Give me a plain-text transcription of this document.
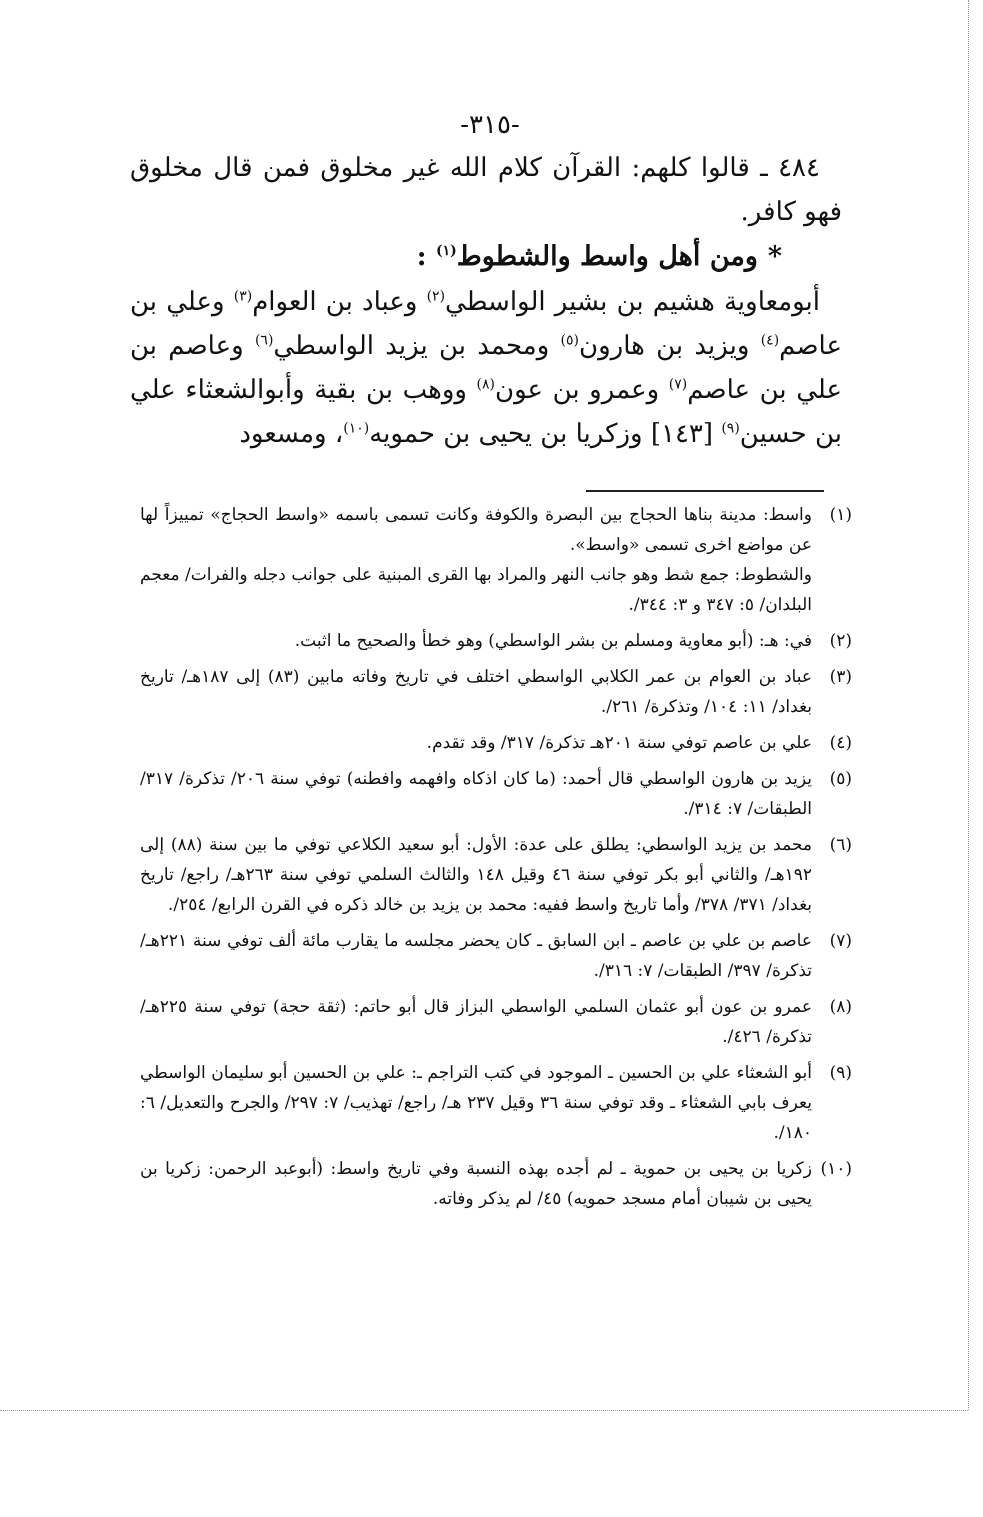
-٣١٥-

٤٨٤ ـ قالوا كلهم: القرآن كلام الله غير مخلوق فمن قال مخلوق فهو كافر.

*ومن أهل واسط والشطوط$^{(١)}$ :

أبومعاوية هشيم بن بشير الواسطي$^{(٢)}$ وعباد بن العوام$^{(٣)}$ وعلي بن عاصم$^{(٤)}$ ويزيد بن هارون$^{(٥)}$ ومحمد بن يزيد الواسطي$^{(٦)}$ وعاصم بن علي بن عاصم$^{(٧)}$ وعمرو بن عون$^{(٨)}$ ووهب بن بقية وأبوالشعثاء علي بن حسين$^{(٩)}$ [١٤٣] وزكريا بن يحيى بن حمويه$^{(١٠)}$، ومسعود

(١)
واسط: مدينة بناها الحجاج بين البصرة والكوفة وكانت تسمى باسمه «واسط الحجاج» تمييزاً لها عن مواضع اخرى تسمى «واسط».
والشطوط: جمع شط وهو جانب النهر والمراد بها القرى المبنية على جوانب دجله والفرات/ معجم البلدان/ ٥: ٣٤٧ و ٣: ٣٤٤/.
(٢)
في: هـ: (أبو معاوية ومسلم بن بشر الواسطي) وهو خطأ والصحيح ما اثبت.
(٣)
عباد بن العوام بن عمر الكلابي الواسطي اختلف في تاريخ وفاته مابين (٨٣) إلى ١٨٧هـ/ تاريخ بغداد/ ١١: ١٠٤/ وتذكرة/ ٢٦١/.
(٤)
علي بن عاصم توفي سنة ٢٠١هـ تذكرة/ ٣١٧/ وقد تقدم.
(٥)
يزيد بن هارون الواسطي قال أحمد: (ما كان اذكاه وافهمه وافطنه) توفي سنة ٢٠٦/ تذكرة/ ٣١٧/ الطبقات/ ٧: ٣١٤/.
(٦)
محمد بن يزيد الواسطي: يطلق على عدة: الأول: أبو سعيد الكلاعي توفي ما بين سنة (٨٨) إلى ١٩٢هـ/ والثاني أبو بكر توفي سنة ٤٦ وقيل ١٤٨ والثالث السلمي توفي سنة ٢٦٣هـ/ راجع/ تاريخ بغداد/ ٣٧١/ ٣٧٨/ وأما تاريخ واسط ففيه: محمد بن يزيد بن خالد ذكره في القرن الرابع/ ٢٥٤/.
(٧)
عاصم بن علي بن عاصم ـ ابن السابق ـ كان يحضر مجلسه ما يقارب مائة ألف توفي سنة ٢٢١هـ/ تذكرة/ ٣٩٧/ الطبقات/ ٧: ٣١٦/.
(٨)
عمرو بن عون أبو عثمان السلمي الواسطي البزاز قال أبو حاتم: (ثقة حجة) توفي سنة ٢٢٥هـ/ تذكرة/ ٤٢٦/.
(٩)
أبو الشعثاء علي بن الحسين ـ الموجود في كتب التراجم ـ: علي بن الحسين أبو سليمان الواسطي يعرف بابي الشعثاء ـ وقد توفي سنة ٣٦ وقيل ٢٣٧ هـ/ راجع/ تهذيب/ ٧: ٢٩٧/ والجرح والتعديل/ ٦: ١٨٠/.
(١٠)
زكريا بن يحيى بن حموية ـ لم أجده بهذه النسبة وفي تاريخ واسط: (أبوعبد الرحمن: زكريا بن يحيى بن شيبان أمام مسجد حمويه) ٤٥/ لم يذكر وفاته.
